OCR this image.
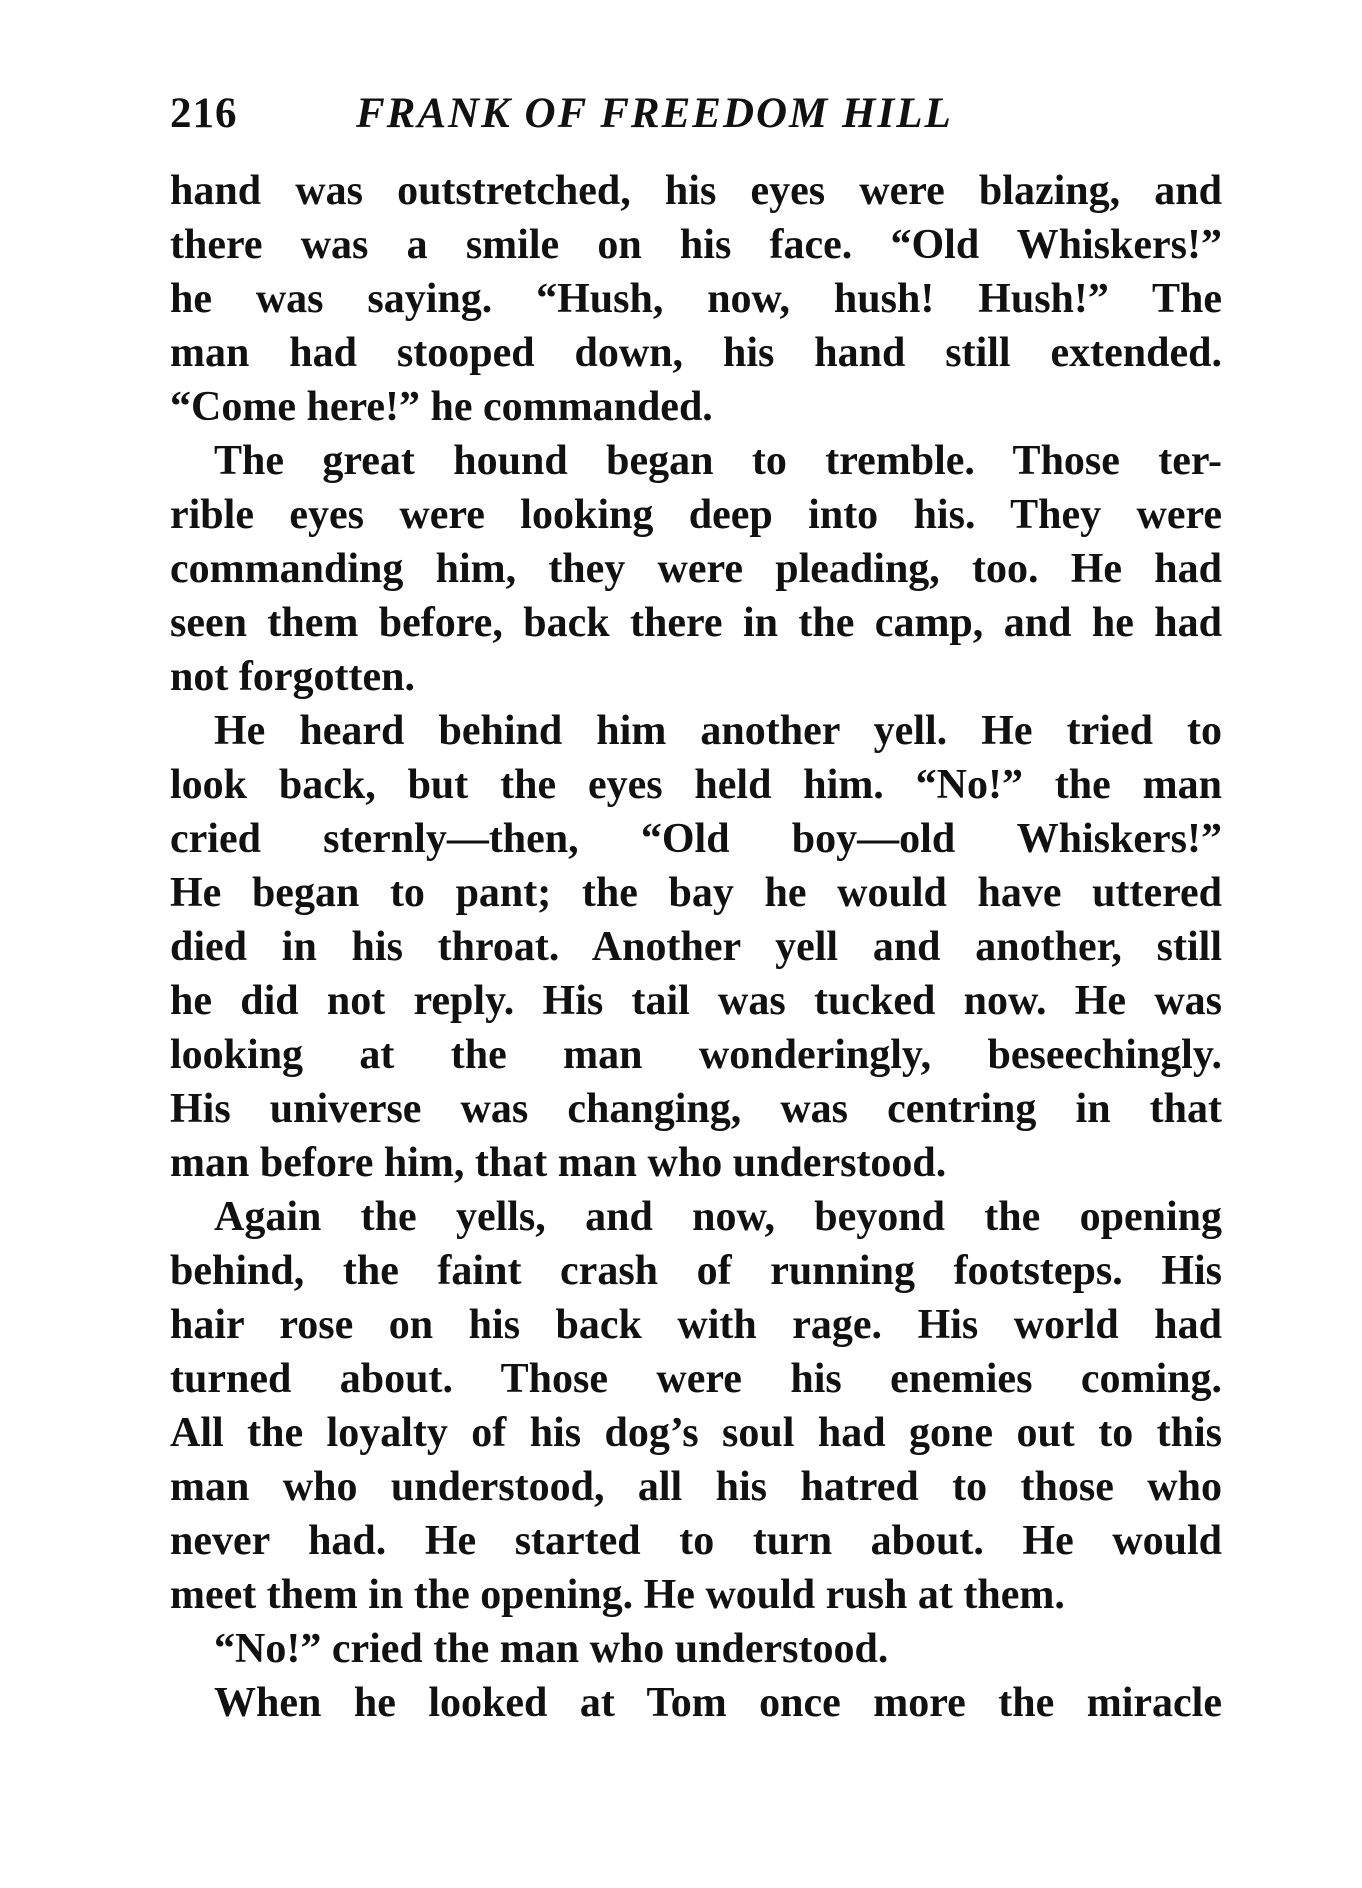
216	FRANK OF FREEDOM HILL
hand was outstretched, his eyes were blazing, and
there was a smile on his face. “Old Whiskers!”
he was saying. “Hush, now, hush! Hush!” The
man had stooped down, his hand still extended.
“Come here!” he commanded.
The great hound began to tremble. Those ter-
rible eyes were looking deep into his. They were
commanding him, they were pleading, too. He had
seen them before, back there in the camp, and he had
not forgotten.
He heard behind him another yell. He tried to
look back, but the eyes held him. “No!” the man
cried sternly—then, “Old boy—old Whiskers!”
He began to pant; the bay he would have uttered
died in his throat. Another yell and another, still
he did not reply. His tail was tucked now. He was
looking at the man wonderingly, beseechingly.
His universe was changing, was centring in that
man before him, that man who understood.
Again the yells, and now, beyond the opening
behind, the faint crash of running footsteps. His
hair rose on his back with rage. His world had
turned about. Those were his enemies coming.
All the loyalty of his dog’s soul had gone out to this
man who understood, all his hatred to those who
never had. He started to turn about. He would
meet them in the opening. He would rush at them.
“No!” cried the man who understood.
When he looked at Tom once more the miracle
